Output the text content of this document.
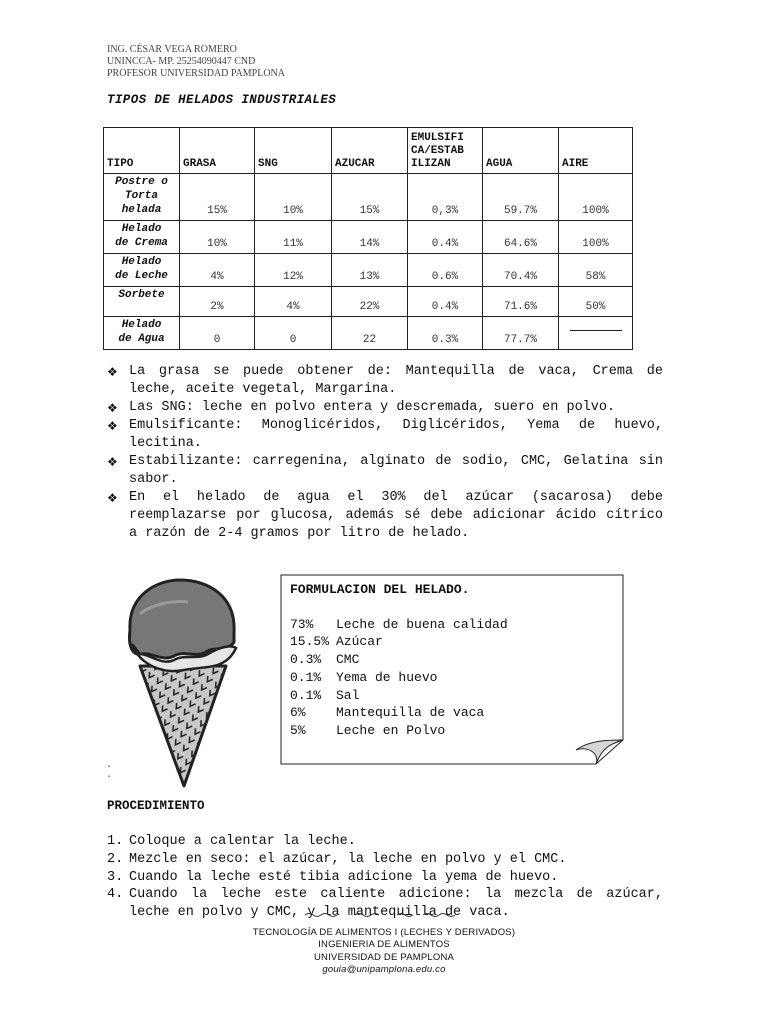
ING. CÉSAR VEGA ROMERO
UNINCCA- MP. 25254090447 CND
PROFESOR UNIVERSIDAD PAMPLONA
TIPOS DE HELADOS INDUSTRIALES
TIPO	GRASA	SNG	AZUCAR	EMULSIFI
CA/ESTAB
ILIZAN	AGUA	AIRE
Postre o
Torta
helada	15%	10%	15%	0,3%	59.7%	100%
Helado
de Crema	10%	11%	14%	0.4%	64.6%	100%
Helado
de Leche	4%	12%	13%	0.6%	70.4%	58%
Sorbete	2%	4%	22%	0.4%	71.6%	50%
Helado
de Agua	0	0	22	0.3%	77.7%	
❖ La grasa se puede obtener de: Mantequilla de vaca, Crema de leche, aceite vegetal, Margarina.
❖ Las SNG: leche en polvo entera y descremada, suero en polvo.
❖ Emulsificante: Monoglicéridos, Diglicéridos, Yema de huevo, lecitina.
❖ Estabilizante: carregenina, alginato de sodio, CMC, Gelatina sin sabor.
❖ En el helado de agua el 30% del azúcar (sacarosa) debe reemplazarse por glucosa, además sé debe adicionar ácido cítrico a razón de 2-4 gramos por litro de helado.
.
.
FORMULACION DEL HELADO.
73% Leche de buena calidad
15.5% Azúcar
0.3% CMC
0.1% Yema de huevo
0.1% Sal
6% Mantequilla de vaca
5% Leche en Polvo
PROCEDIMIENTO
1. Coloque a calentar la leche.
2. Mezcle en seco: el azúcar, la leche en polvo y el CMC.
3. Cuando la leche esté tibia adicione la yema de huevo.
4. Cuando la leche este caliente adicione: la mezcla de azúcar, leche en polvo y CMC, y la mantequilla de vaca.
TECNOLOGÍA DE ALIMENTOS I (LECHES Y DERIVADOS)
INGENIERIA DE ALIMENTOS
UNIVERSIDAD DE PAMPLONA
gouia@unipamplona.edu.co
